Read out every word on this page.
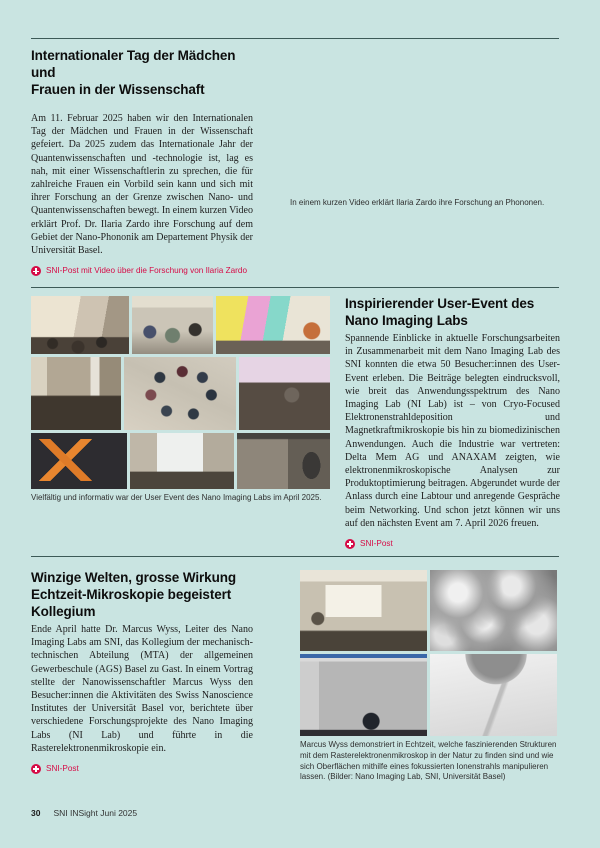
Internationaler Tag der Mädchen und
Frauen in der Wissenschaft

Am 11. Februar 2025 haben wir den Internationalen Tag der Mädchen und Frauen in der Wissenschaft gefeiert. Da 2025 zudem das Internationale Jahr der Quantenwissenschaften und -technologie ist, lag es nah, mit einer Wissenschaftlerin zu sprechen, die für zahlreiche Frauen ein Vorbild sein kann und sich mit ihrer Forschung an der Grenze zwischen Nano- und Quantenwissenschaften bewegt. In einem kurzen Video erklärt Prof. Dr. Ilaria Zardo ihre Forschung auf dem Gebiet der Nano-Phononik am Departement Physik der Universität Basel.

SNI-Post mit Video über die Forschung von Ilaria Zardo

In einem kurzen Video erklärt Ilaria Zardo ihre Forschung an Phononen.

Vielfältig und informativ war der User Event des Nano Imaging Labs im April 2025.

Inspirierender User-Event des
Nano Imaging Labs

Spannende Einblicke in aktuelle Forschungsarbeiten in Zusammenarbeit mit dem Nano Imaging Lab des SNI konnten die etwa 50 Besucher:innen des User-Event erleben. Die Beiträge belegten eindrucksvoll, wie breit das Anwendungsspektrum des Nano Imaging Lab (NI Lab) ist – von Cryo-Focused Elektronenstrahldeposition und Magnetkraftmikroskopie bis hin zu biomedizinischen Anwendungen. Auch die Industrie war vertreten: Delta Mem AG und ANAXAM zeigten, wie elektronenmikroskopische Analysen zur Produktoptimierung beitragen. Abgerundet wurde der Anlass durch eine Labtour und anregende Gespräche beim Networking. Und schon jetzt können wir uns auf den nächsten Event am 7. April 2026 freuen.

SNI-Post
Winzige Welten, grosse Wirkung
Echtzeit-Mikroskopie begeistert
Kollegium

Ende April hatte Dr. Marcus Wyss, Leiter des Nano Imaging Labs am SNI, das Kollegium der mechanisch-technischen Abteilung (MTA) der allgemeinen Gewerbeschule (AGS) Basel zu Gast. In einem Vortrag stellte der Nanowissenschaftler Marcus Wyss den Besucher:innen die Aktivitäten des Swiss Nanoscience Institutes der Universität Basel vor, berichtete über verschiedene Forschungsprojekte des Nano Imaging Labs (NI Lab) und führte in die Rasterelektronenmikroskopie ein.

SNI-Post

Marcus Wyss demonstriert in Echtzeit, welche faszinierenden Strukturen mit dem Rasterelektronenmikroskop in der Natur zu finden sind und wie sich Oberflächen mithilfe eines fokussierten Ionenstrahls manipulieren lassen. (Bilder: Nano Imaging Lab, SNI, Universität Basel)

30 SNI INSight Juni 2025
